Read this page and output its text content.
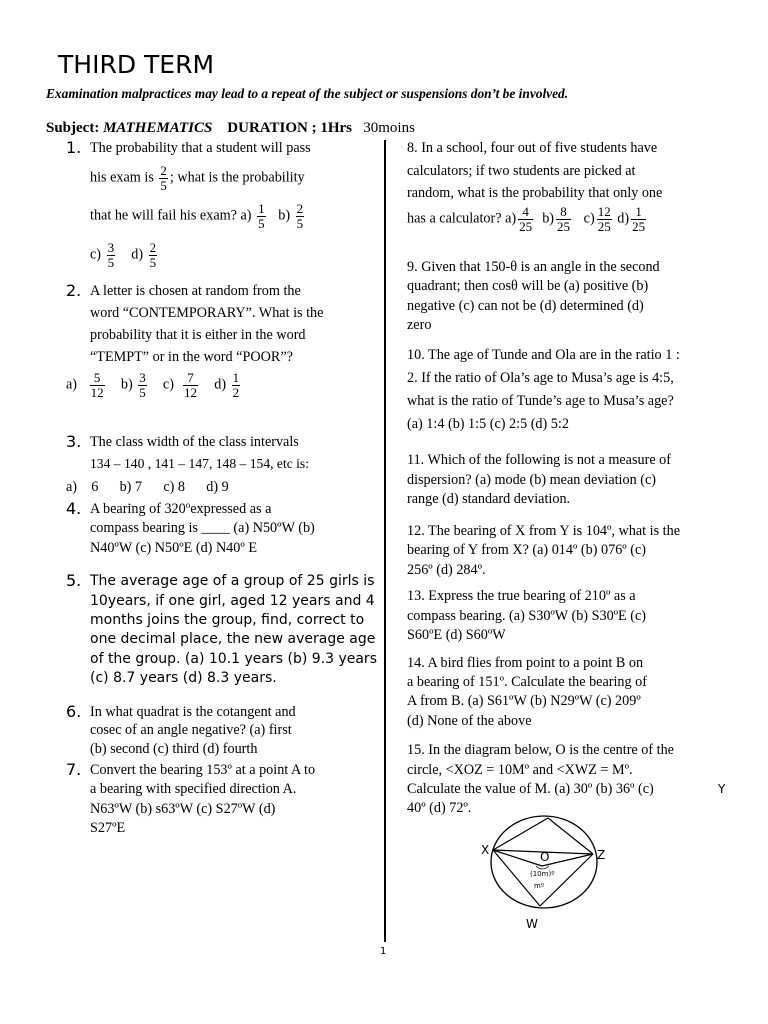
THIRD TERM
Examination malpractices may lead to a repeat of the subject or suspensions don’t be involved.
Subject: MATHEMATICS DURATION ; 1Hrs 30moins
1
1. The probability that a student will pass
his exam is $\frac{2}{5}$ ; what is the probability
that he will fail his exam? $a) \frac{1}{5} b) \frac{2}{5}$
$c) \frac{3}{5} d) \frac{2}{5}$
2. A letter is chosen at random from the
word “CONTEMPORARY”. What is the
probability that it is either in the word
“TEMPT” or in the word “POOR”?
$a) \frac{5}{12} b) \frac{3}{5} c) \frac{7}{12} d) \frac{1}{2}$
3. The class width of the class intervals
134 – 140 , 141 – 147, 148 – 154, etc is:
a)    6      b) 7      c) 8      d) 9
4. A bearing of 320$^o$expressed as a
compass bearing is ____ (a) N50ºW (b)
N40ºW (c) N50ºE (d) N40º E
5. The average age of a group of 25 girls is
10years, if one girl, aged 12 years and 4
months joins the group, find, correct to
one decimal place, the new average age
of the group. (a) 10.1 years (b) 9.3 years
(c) 8.7 years (d) 8.3 years.
6. In what quadrat is the cotangent and
cosec of an angle negative? (a) first
(b) second (c) third (d) fourth
7. Convert the bearing 153º at a point A to
a bearing with specified direction A.
N63ºW (b) s63ºW (c) S27ºW (d)
S27ºE
8. In a school, four out of five students have
calculators; if two students are picked at
random, what is the probability that only one
has a calculator? $a) \frac{4}{25} b) \frac{8}{25} c) \frac{12}{25} d) \frac{1}{25}$
9. Given that 150-θ is an angle in the second
quadrant; then cosθ will be (a) positive (b)
negative (c) can not be (d) determined (d)
zero
10. The age of Tunde and Ola are in the ratio 1 :
2. If the ratio of Ola’s age to Musa’s age is 4:5,
what is the ratio of Tunde’s age to Musa’s age?
(a) 1:4 (b) 1:5 (c) 2:5 (d) 5:2
11. Which of the following is not a measure of
dispersion? (a) mode (b) mean deviation (c)
range (d) standard deviation.
12. The bearing of X from Y is 104º, what is the
bearing of Y from X? (a) 014º (b) 076º (c)
256º (d) 284º.
13. Express the true bearing of 210º as a
compass bearing. (a) S30ºW (b) S30ºE (c)
S60ºE (d) S60ºW
14. A bird flies from point to a point B on
a bearing of 151º. Calculate the bearing of
A from B. (a) S61ºW (b) N29ºW (c) 209º
(d) None of the above
15. In the diagram below, O is the centre of the
circle, <XOZ = 10Mº and <XWZ = Mº.
Calculate the value of M. (a) 30º (b) 36º (c)
40º (d) 72º.
X	Z
O
W
Y
(10m)º
mº
